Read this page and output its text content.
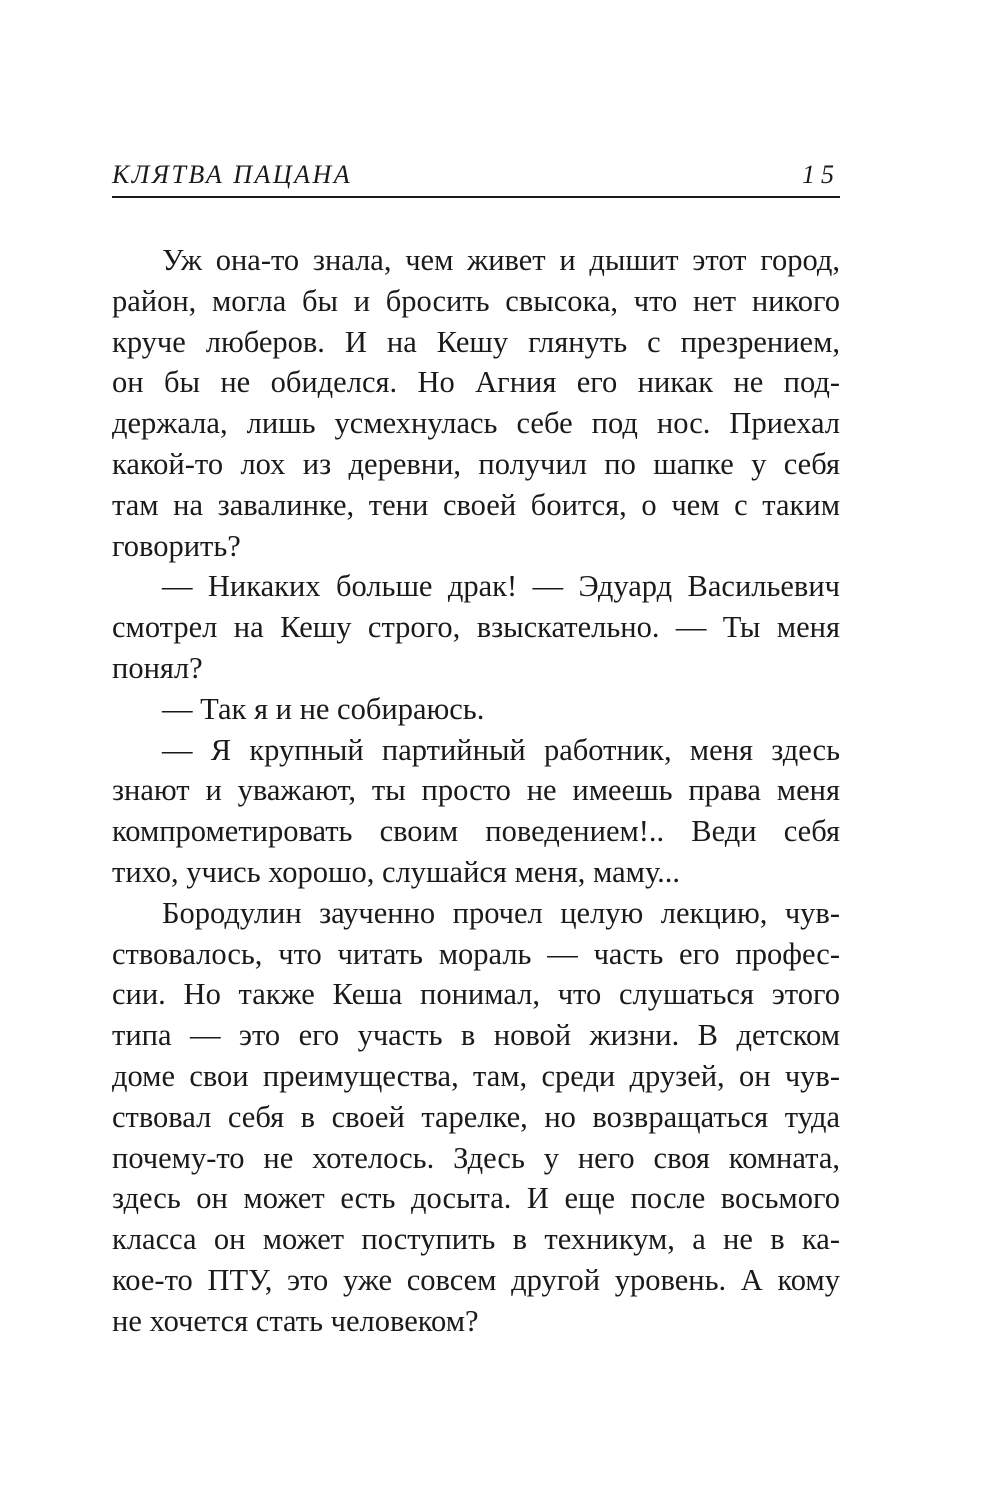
КЛЯТВА ПАЦАНА	15
Уж она-то знала, чем живет и дышит этот город,
район, могла бы и бросить свысока, что нет никого
круче люберов. И на Кешу глянуть с презрением,
он бы не обиделся. Но Агния его никак не под-
держала, лишь усмехнулась себе под нос. Приехал
какой-то лох из деревни, получил по шапке у себя
там на завалинке, тени своей боится, о чем с таким
говорить?
— Никаких больше драк! — Эдуард Васильевич
смотрел на Кешу строго, взыскательно. — Ты меня
понял?
— Так я и не собираюсь.
— Я крупный партийный работник, меня здесь
знают и уважают, ты просто не имеешь права меня
компрометировать своим поведением!.. Веди себя
тихо, учись хорошо, слушайся меня, маму...
Бородулин заученно прочел целую лекцию, чув-
ствовалось, что читать мораль — часть его профес-
сии. Но также Кеша понимал, что слушаться этого
типа — это его участь в новой жизни. В детском
доме свои преимущества, там, среди друзей, он чув-
ствовал себя в своей тарелке, но возвращаться туда
почему-то не хотелось. Здесь у него своя комната,
здесь он может есть досыта. И еще после восьмого
класса он может поступить в техникум, а не в ка-
кое-то ПТУ, это уже совсем другой уровень. А кому
не хочется стать человеком?
